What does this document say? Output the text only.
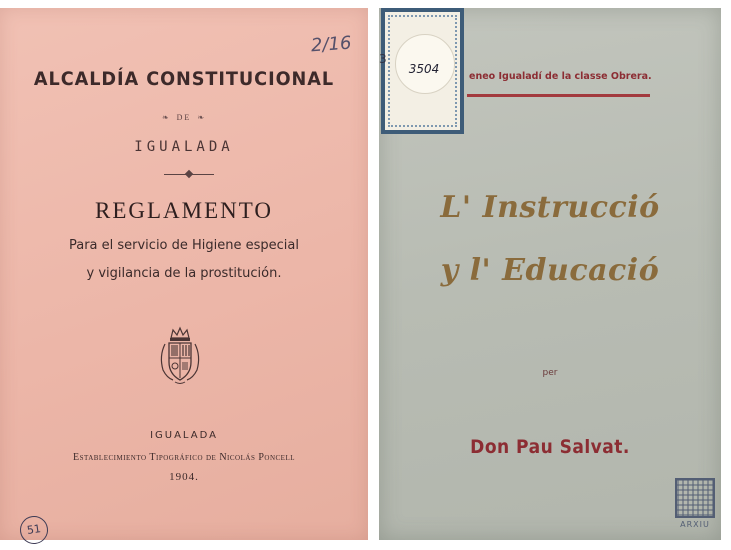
2/16
ALCALDÍA CONSTITUCIONAL
❧ DE ❧
IGUALADA
REGLAMENTO
Para el servicio de Higiene especial
y vigilancia de la prostitución.
IGUALADA
Establecimiento Tipográfico de Nicolás Poncell
1904.
51
3504
3
eneo Igualadí de la classe Obrera.
L' Instrucció
y l' Educació
per
Don Pau Salvat.
ARXIU
